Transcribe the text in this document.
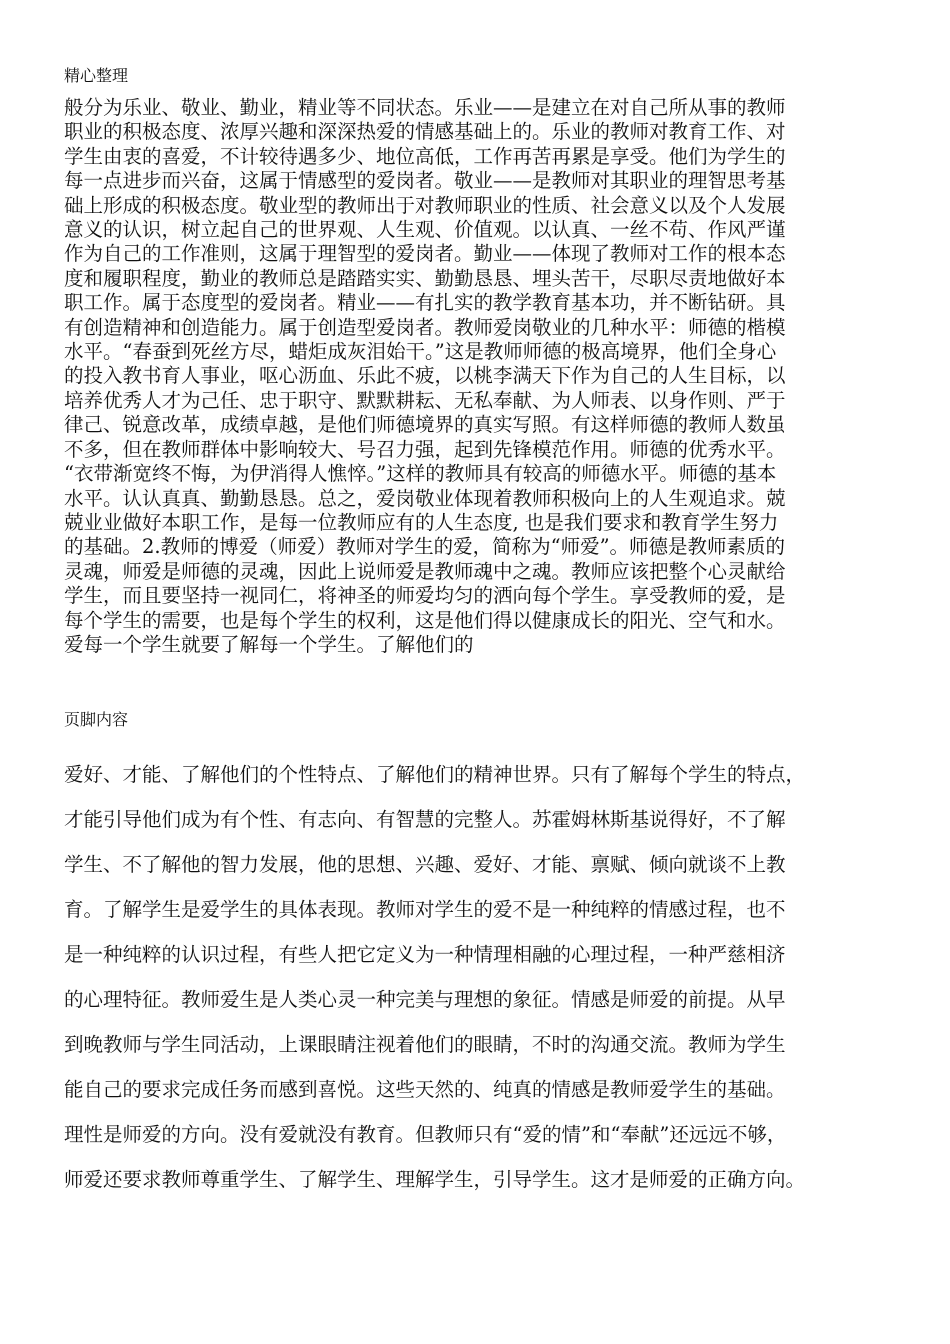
精心整理
般分为乐业、敬业、勤业，精业等不同状态。乐业——是建立在对自己所从事的教师
职业的积极态度、浓厚兴趣和深深热爱的情感基础上的。乐业的教师对教育工作、对
学生由衷的喜爱，不计较待遇多少、地位高低，工作再苦再累是享受。他们为学生的
每一点进步而兴奋，这属于情感型的爱岗者。敬业——是教师对其职业的理智思考基
础上形成的积极态度。敬业型的教师出于对教师职业的性质、社会意义以及个人发展
意义的认识，树立起自己的世界观、人生观、价值观。以认真、一丝不苟、作风严谨
作为自己的工作准则，这属于理智型的爱岗者。勤业——体现了教师对工作的根本态
度和履职程度，勤业的教师总是踏踏实实、勤勤恳恳、埋头苦干，尽职尽责地做好本
职工作。属于态度型的爱岗者。精业——有扎实的教学教育基本功，并不断钻研。具
有创造精神和创造能力。属于创造型爱岗者。教师爱岗敬业的几种水平：师德的楷模
水平。“春蚕到死丝方尽，蜡炬成灰泪始干。”这是教师师德的极高境界，他们全身心
的投入教书育人事业，呕心沥血、乐此不疲，以桃李满天下作为自己的人生目标，以
培养优秀人才为己任、忠于职守、默默耕耘、无私奉献、为人师表、以身作则、严于
律己、锐意改革，成绩卓越，是他们师德境界的真实写照。有这样师德的教师人数虽
不多，但在教师群体中影响较大、号召力强，起到先锋模范作用。师德的优秀水平。
“衣带渐宽终不悔，为伊消得人憔悴。”这样的教师具有较高的师德水平。师德的基本
水平。认认真真、勤勤恳恳。总之，爱岗敬业体现着教师积极向上的人生观追求。兢
兢业业做好本职工作，是每一位教师应有的人生态度, 也是我们要求和教育学生努力
的基础。2.教师的博爱（师爱）教师对学生的爱，简称为“师爱”。师德是教师素质的
灵魂，师爱是师德的灵魂，因此上说师爱是教师魂中之魂。教师应该把整个心灵献给
学生，而且要坚持一视同仁，将神圣的师爱均匀的洒向每个学生。享受教师的爱，是
每个学生的需要，也是每个学生的权利，这是他们得以健康成长的阳光、空气和水。
爱每一个学生就要了解每一个学生。了解他们的
页脚内容
爱好、才能、了解他们的个性特点、了解他们的精神世界。只有了解每个学生的特点，
才能引导他们成为有个性、有志向、有智慧的完整人。苏霍姆林斯基说得好，不了解
学生、不了解他的智力发展，他的思想、兴趣、爱好、才能、禀赋、倾向就谈不上教
育。了解学生是爱学生的具体表现。教师对学生的爱不是一种纯粹的情感过程，也不
是一种纯粹的认识过程，有些人把它定义为一种情理相融的心理过程，一种严慈相济
的心理特征。教师爱生是人类心灵一种完美与理想的象征。情感是师爱的前提。从早
到晚教师与学生同活动，上课眼睛注视着他们的眼睛，不时的沟通交流。教师为学生
能自己的要求完成任务而感到喜悦。这些天然的、纯真的情感是教师爱学生的基础。
理性是师爱的方向。没有爱就没有教育。但教师只有“爱的情”和“奉献”还远远不够，
师爱还要求教师尊重学生、了解学生、理解学生，引导学生。这才是师爱的正确方向。
